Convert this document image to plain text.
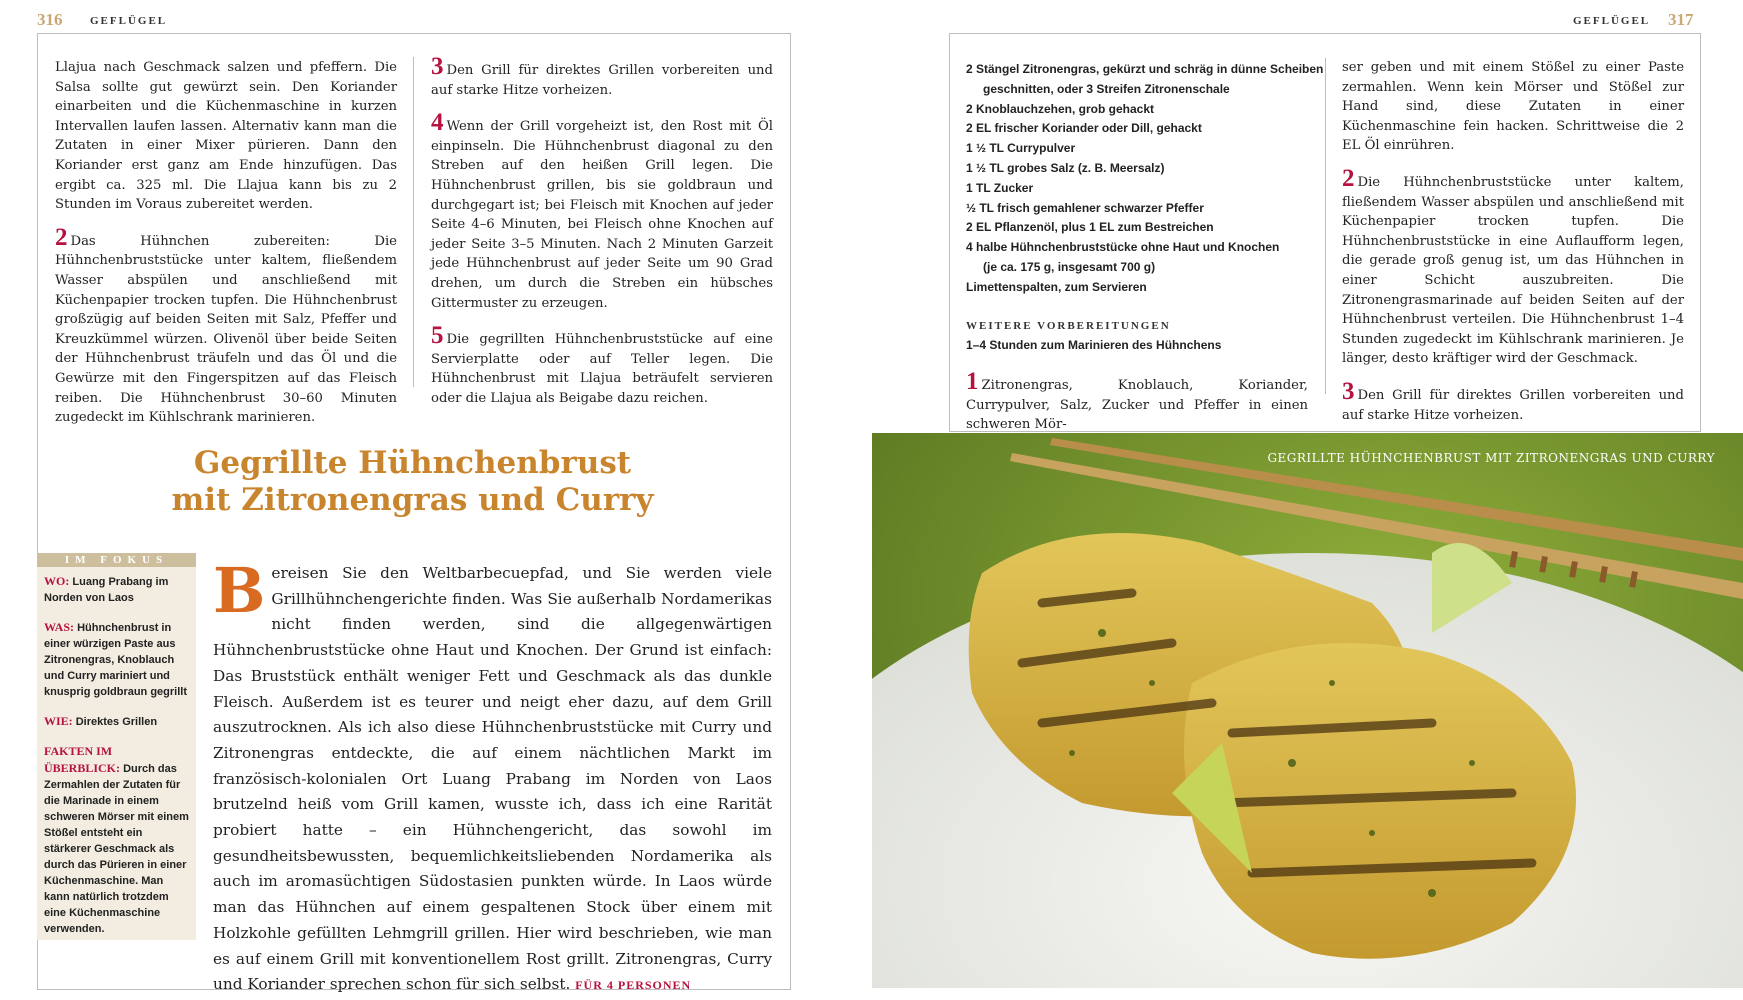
316	GEFLÜGEL

Llajua nach Geschmack salzen und pfeffern. Die Salsa sollte gut gewürzt sein. Den Koriander einarbeiten und die Küchenmaschine in kurzen Intervallen laufen lassen. Alternativ kann man die Zutaten in einer Mixer pürieren. Dann den Koriander erst ganz am Ende hinzufügen. Das ergibt ca. 325 ml. Die Llajua kann bis zu 2 Stunden im Voraus zubereitet werden.

2 Das Hühnchen zubereiten: Die Hühnchenbruststücke unter kaltem, fließendem Wasser abspülen und anschließend mit Küchenpapier trocken tupfen. Die Hühnchenbrust großzügig auf beiden Seiten mit Salz, Pfeffer und Kreuzkümmel würzen. Olivenöl über beide Seiten der Hühnchenbrust träufeln und das Öl und die Gewürze mit den Fingerspitzen auf das Fleisch reiben. Die Hühnchenbrust 30–60 Minuten zugedeckt im Kühlschrank marinieren.

3 Den Grill für direktes Grillen vorbereiten und auf starke Hitze vorheizen.

4 Wenn der Grill vorgeheizt ist, den Rost mit Öl einpinseln. Die Hühnchenbrust diagonal zu den Streben auf den heißen Grill legen. Die Hühnchenbrust grillen, bis sie goldbraun und durchgegart ist; bei Fleisch mit Knochen auf jeder Seite 4–6 Minuten, bei Fleisch ohne Knochen auf jeder Seite 3–5 Minuten. Nach 2 Minuten Garzeit jede Hühnchenbrust auf jeder Seite um 90 Grad drehen, um durch die Streben ein hübsches Gittermuster zu erzeugen.

5 Die gegrillten Hühnchenbruststücke auf eine Servierplatte oder auf Teller legen. Die Hühnchenbrust mit Llajua beträufelt servieren oder die Llajua als Beigabe dazu reichen.

Gegrillte Hühnchenbrust
mit Zitronengras und Curry
IM FOKUS

WO: Luang Prabang im Norden von Laos

WAS: Hühnchenbrust in einer würzigen Paste aus Zitronengras, Knoblauch und Curry mariniert und knusprig goldbraun gegrillt

WIE: Direktes Grillen

FAKTEN IM ÜBERBLICK: Durch das Zermahlen der Zutaten für die Marinade in einem schweren Mörser mit einem Stößel entsteht ein stärkerer Geschmack als durch das Pürieren in einer Küchenmaschine. Man kann natürlich trotzdem eine Küchenmaschine verwenden.

Bereisen Sie den Weltbarbecuepfad, und Sie werden viele Grillhühnchengerichte finden. Was Sie außerhalb Nordamerikas nicht finden werden, sind die allgegenwärtigen Hühnchenbruststücke ohne Haut und Knochen. Der Grund ist einfach: Das Bruststück enthält weniger Fett und Geschmack als das dunkle Fleisch. Außerdem ist es teurer und neigt eher dazu, auf dem Grill auszutrocknen. Als ich also diese Hühnchenbruststücke mit Curry und Zitronengras entdeckte, die auf einem nächtlichen Markt im französisch-kolonialen Ort Luang Prabang im Norden von Laos brutzelnd heiß vom Grill kamen, wusste ich, dass ich eine Rarität probiert hatte – ein Hühnchengericht, das sowohl im gesundheitsbewussten, bequemlichkeitsliebenden Nordamerika als auch im aromasüchtigen Südostasien punkten würde. In Laos würde man das Hühnchen auf einem gespaltenen Stock über einem mit Holzkohle gefüllten Lehmgrill grillen. Hier wird beschrieben, wie man es auf einem Grill mit konventionellem Rost grillt. Zitronengras, Curry und Koriander sprechen schon für sich selbst. FÜR 4 PERSONEN
GEFLÜGEL 317
2 Stängel Zitronengras, gekürzt und schräg in dünne Scheiben
geschnitten, oder 3 Streifen Zitronenschale
2 Knoblauchzehen, grob gehackt
2 EL frischer Koriander oder Dill, gehackt
1 ½ TL Currypulver
1 ½ TL grobes Salz (z. B. Meersalz)
1 TL Zucker
½ TL frisch gemahlener schwarzer Pfeffer
2 EL Pflanzenöl, plus 1 EL zum Bestreichen
4 halbe Hühnchenbruststücke ohne Haut und Knochen
(je ca. 175 g, insgesamt 700 g)
Limettenspalten, zum Servieren
WEITERE VORBEREITUNGEN
1–4 Stunden zum Marinieren des Hühnchens
1 Zitronengras, Knoblauch, Koriander, Currypulver, Salz, Zucker und Pfeffer in einen schweren Mör-

ser geben und mit einem Stößel zu einer Paste zermahlen. Wenn kein Mörser und Stößel zur Hand sind, diese Zutaten in einer Küchenmaschine fein hacken. Schrittweise die 2 EL Öl einrühren.

2 Die Hühnchenbruststücke unter kaltem, fließendem Wasser abspülen und anschließend mit Küchenpapier trocken tupfen. Die Hühnchenbruststücke in eine Auflaufform legen, die gerade groß genug ist, um das Hühnchen in einer Schicht auszubreiten. Die Zitronengrasmarinade auf beiden Seiten auf der Hühnchenbrust verteilen. Die Hühnchenbrust 1–4 Stunden zugedeckt im Kühlschrank marinieren. Je länger, desto kräftiger wird der Geschmack.

3 Den Grill für direktes Grillen vorbereiten und auf starke Hitze vorheizen.

GEGRILLTE HÜHNCHENBRUST MIT ZITRONENGRAS UND CURRY
